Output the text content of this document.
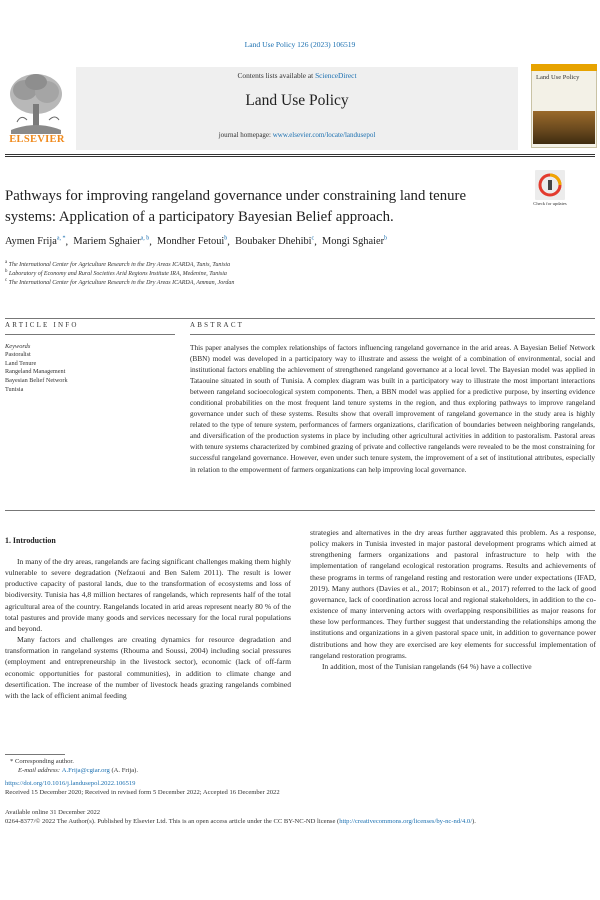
Land Use Policy 126 (2023) 106519
Contents lists available at ScienceDirect
Land Use Policy
journal homepage: www.elsevier.com/locate/landusepol
ELSEVIER
Land Use Policy
Check for updates
Pathways for improving rangeland governance under constraining land tenure systems: Application of a participatory Bayesian Belief approach.
Aymen Frija$^{a, *}$,  Mariem Sghaier$^{a, b}$,  Mondher Fetoui$^b$,  Boubaker Dhehibi$^c$,  Mongi Sghaier$^b$
$^a$ The International Center for Agriculture Research in the Dry Areas ICARDA, Tunis, Tunisia
$^b$ Laboratory of Economy and Rural Societies Arid Regions Institute IRA, Medenine, Tunisia
$^c$ The International Center for Agriculture Research in the Dry Areas ICARDA, Amman, Jordan
ARTICLE INFO
Keywords
Pastoralist
Land Tenure
Rangeland Management
Bayesian Belief Network
Tunisia
ABSTRACT
This paper analyses the complex relationships of factors influencing rangeland governance in the arid areas. A Bayesian Belief Network (BBN) model was developed in a participatory way to illustrate and assess the weight of a combination of environmental, social and institutional factors enabling the achievement of strengthened rangeland governance at a local level. The Bayesian model was applied in Tataouine situated in south of Tunisia. A complex diagram was built in a participatory way to illustrate the most important interactions between rangeland socioecological system components. Then, a BBN model was applied for a predictive purpose, by inserting evidence conditional probabilities on the most frequent land tenure systems in the region, and thus exploring pathways to improve rangeland governance under such of these systems. Results show that overall improvement of rangeland governance in the study area is highly related to the type of tenure system, performances of farmers organizations, clarification of boundaries between neighboring rangelands, and diversification of the production systems in place by including other agricultural activities in addition to pastoralism. Pastoral areas with tenure systems characterized by combined grazing of private and collective rangelands were revealed to be the most constraining for successful rangeland governance. However, even under such tenure system, the improvement of a set of institutional attributes, especially in relation to the empowerment of farmers organizations can help improving local governance.
1. Introduction

In many of the dry areas, rangelands are facing significant challenges making them highly vulnerable to severe degradation (Nefzaoui and Ben Salem 2011). The result is lower productive capacity of pastoral lands, due to the transformation of ecosystems and loss of biodiversity. Tunisia has 4,8 million hectares of rangelands, which represents half of the total agricultural area of the country. Rangelands located in arid areas represent nearly 80 % of the total pastures and provide many goods and services necessary for the local rural populations and beyond.

Many factors and challenges are creating dynamics for resource degradation and transformation in rangeland systems (Rhouma and Soussi, 2004) including social pressures (employment and entrepreneurship in the livestock sector), economic (lack of off-farm economic opportunities for pastoral communities), in addition to climate change and desertification. The increase of the number of livestock heads grazing rangelands combined with the lack of efficient animal feeding

strategies and alternatives in the dry areas further aggravated this problem. As a response, policy makers in Tunisia invested in major pastoral development programs which aimed at strengthening farmers organizations and pastoral infrastructure to help with the implementation of rangeland ecological restoration programs. Results and achievements of these programs in terms of rangeland resting and restoration were under expectations (IFAD, 2019). Many authors (Davies et al., 2017; Robinson et al., 2017) referred to the lack of good governance, lack of coordination across local and regional stakeholders, in addition to the co-existence of many intervening actors with overlapping responsibilities as major reasons for these low performances. They further suggest that understanding the relationships among the institutions and organizations in a given pastoral space unit, in addition to governance power distributions and how they are exercised are key elements for successful implementation of rangeland restoration programs.

In addition, most of the Tunisian rangelands (64 %) have a collective

* Corresponding author.
E-mail address: A.Frija@cgiar.org (A. Frija).
https://doi.org/10.1016/j.landusepol.2022.106519
Received 15 December 2020; Received in revised form 5 December 2022; Accepted 16 December 2022
Available online 31 December 2022
0264-8377/© 2022 The Author(s). Published by Elsevier Ltd. This is an open access article under the CC BY-NC-ND license (http://creativecommons.org/licenses/by-nc-nd/4.0/).
